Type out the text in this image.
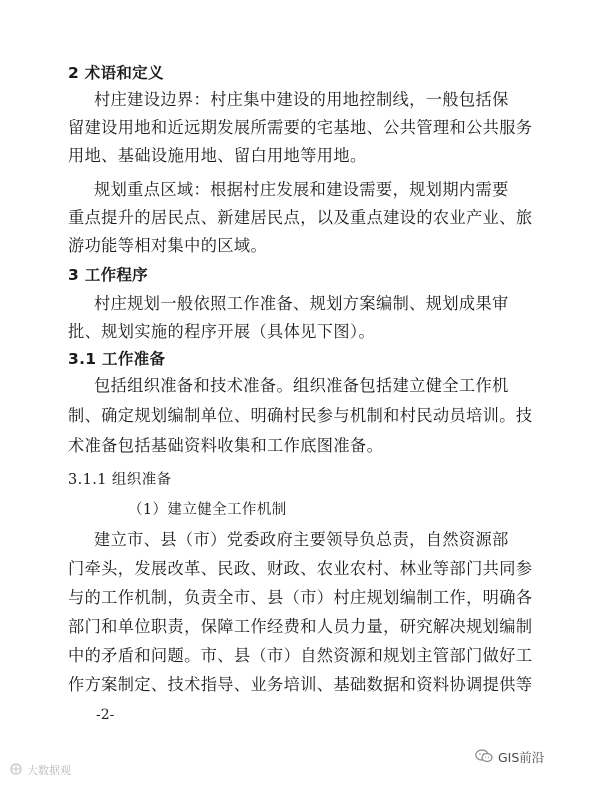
2 术语和定义
3 工作程序
3.1 工作准备
3.1.1 组织准备
村庄建设边界：村庄集中建设的用地控制线，一般包括保
留建设用地和近远期发展所需要的宅基地、公共管理和公共服务
用地、基础设施用地、留白用地等用地。
规划重点区域：根据村庄发展和建设需要，规划期内需要
重点提升的居民点、新建居民点，以及重点建设的农业产业、旅
游功能等相对集中的区域。
村庄规划一般依照工作准备、规划方案编制、规划成果审
批、规划实施的程序开展（具体见下图）。
包括组织准备和技术准备。组织准备包括建立健全工作机
制、确定规划编制单位、明确村民参与机制和村民动员培训。技
术准备包括基础资料收集和工作底图准备。
（1）建立健全工作机制
建立市、县（市）党委政府主要领导负总责，自然资源部
门牵头，发展改革、民政、财政、农业农村、林业等部门共同参
与的工作机制，负责全市、县（市）村庄规划编制工作，明确各
部门和单位职责，保障工作经费和人员力量，研究解决规划编制
中的矛盾和问题。市、县（市）自然资源和规划主管部门做好工
作方案制定、技术指导、业务培训、基础数据和资料协调提供等
-2-
大数据观
GIS前沿
